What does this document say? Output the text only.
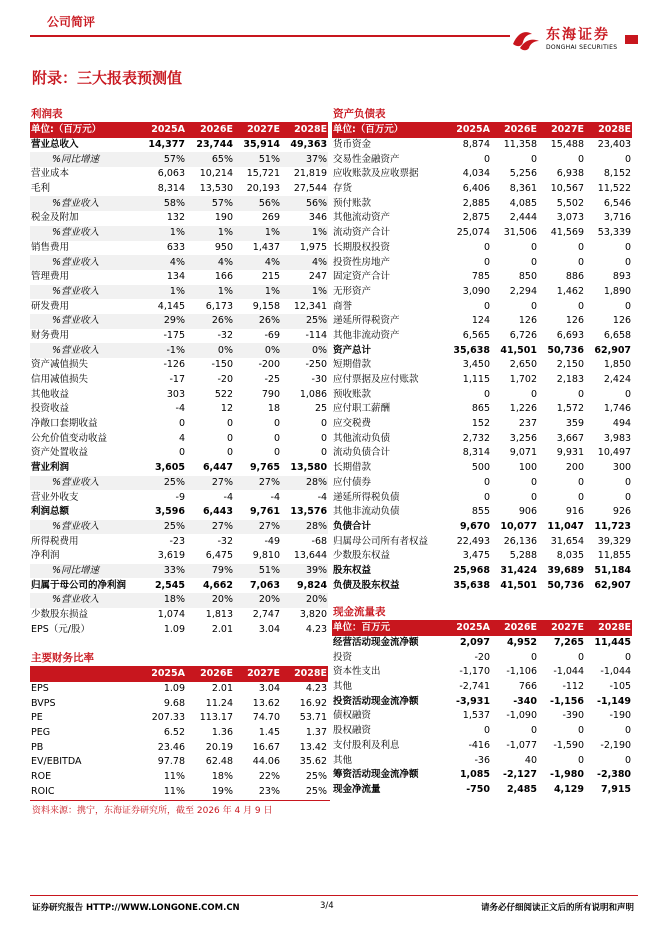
公司简评
东海证券
DONGHAI SECURITIES
附录：三大报表预测值
利润表				
单位:（百万元）	2025A	2026E	2027E	2028E
营业总收入	14,377	23,744	35,914	49,363
%同比增速	57%	65%	51%	37%
营业成本	6,063	10,214	15,721	21,819
毛利	8,314	13,530	20,193	27,544
%营业收入	58%	57%	56%	56%
税金及附加	132	190	269	346
%营业收入	1%	1%	1%	1%
销售费用	633	950	1,437	1,975
%营业收入	4%	4%	4%	4%
管理费用	134	166	215	247
%营业收入	1%	1%	1%	1%
研发费用	4,145	6,173	9,158	12,341
%营业收入	29%	26%	26%	25%
财务费用	-175	-32	-69	-114
%营业收入	-1%	0%	0%	0%
资产减值损失	-126	-150	-200	-250
信用减值损失	-17	-20	-25	-30
其他收益	303	522	790	1,086
投资收益	-4	12	18	25
净敞口套期收益	0	0	0	0
公允价值变动收益	4	0	0	0
资产处置收益	0	0	0	0
营业利润	3,605	6,447	9,765	13,580
%营业收入	25%	27%	27%	28%
营业外收支	-9	-4	-4	-4
利润总额	3,596	6,443	9,761	13,576
%营业收入	25%	27%	27%	28%
所得税费用	-23	-32	-49	-68
净利润	3,619	6,475	9,810	13,644
%同比增速	33%	79%	51%	39%
归属于母公司的净利润	2,545	4,662	7,063	9,824
%营业收入	18%	20%	20%	20%
少数股东损益	1,074	1,813	2,747	3,820
EPS（元/股）	1.09	2.01	3.04	4.23
主要财务比率				
	2025A	2026E	2027E	2028E
EPS	1.09	2.01	3.04	4.23
BVPS	9.68	11.24	13.62	16.92
PE	207.33	113.17	74.70	53.71
PEG	6.52	1.36	1.45	1.37
PB	23.46	20.19	16.67	13.42
EV/EBITDA	97.78	62.48	44.06	35.62
ROE	11%	18%	22%	25%
ROIC	11%	19%	23%	25%
资产负债表				
单位:（百万元）	2025A	2026E	2027E	2028E
货币资金	8,874	11,358	15,488	23,403
交易性金融资产	0	0	0	0
应收账款及应收票据	4,034	5,256	6,938	8,152
存货	6,406	8,361	10,567	11,522
预付账款	2,885	4,085	5,502	6,546
其他流动资产	2,875	2,444	3,073	3,716
流动资产合计	25,074	31,506	41,569	53,339
长期股权投资	0	0	0	0
投资性房地产	0	0	0	0
固定资产合计	785	850	886	893
无形资产	3,090	2,294	1,462	1,890
商誉	0	0	0	0
递延所得税资产	124	126	126	126
其他非流动资产	6,565	6,726	6,693	6,658
资产总计	35,638	41,501	50,736	62,907
短期借款	3,450	2,650	2,150	1,850
应付票据及应付账款	1,115	1,702	2,183	2,424
预收账款	0	0	0	0
应付职工薪酬	865	1,226	1,572	1,746
应交税费	152	237	359	494
其他流动负债	2,732	3,256	3,667	3,983
流动负债合计	8,314	9,071	9,931	10,497
长期借款	500	100	200	300
应付债券	0	0	0	0
递延所得税负债	0	0	0	0
其他非流动负债	855	906	916	926
负债合计	9,670	10,077	11,047	11,723
归属母公司所有者权益	22,493	26,136	31,654	39,329
少数股东权益	3,475	5,288	8,035	11,855
股东权益	25,968	31,424	39,689	51,184
负债及股东权益	35,638	41,501	50,736	62,907
现金流量表				
单位：百万元	2025A	2026E	2027E	2028E
经营活动现金流净额	2,097	4,952	7,265	11,445
投资	-20	0	0	0
资本性支出	-1,170	-1,106	-1,044	-1,044
其他	-2,741	766	-112	-105
投资活动现金流净额	-3,931	-340	-1,156	-1,149
债权融资	1,537	-1,090	-390	-190
股权融资	0	0	0	0
支付股利及利息	-416	-1,077	-1,590	-2,190
其他	-36	40	0	0
筹资活动现金流净额	1,085	-2,127	-1,980	-2,380
现金净流量	-750	2,485	4,129	7,915
资料来源：携宁，东海证券研究所，截至 2026 年 4 月 9 日
证券研究报告 HTTP://WWW.LONGONE.COM.CN	3/4	请务必仔细阅读正文后的所有说明和声明
